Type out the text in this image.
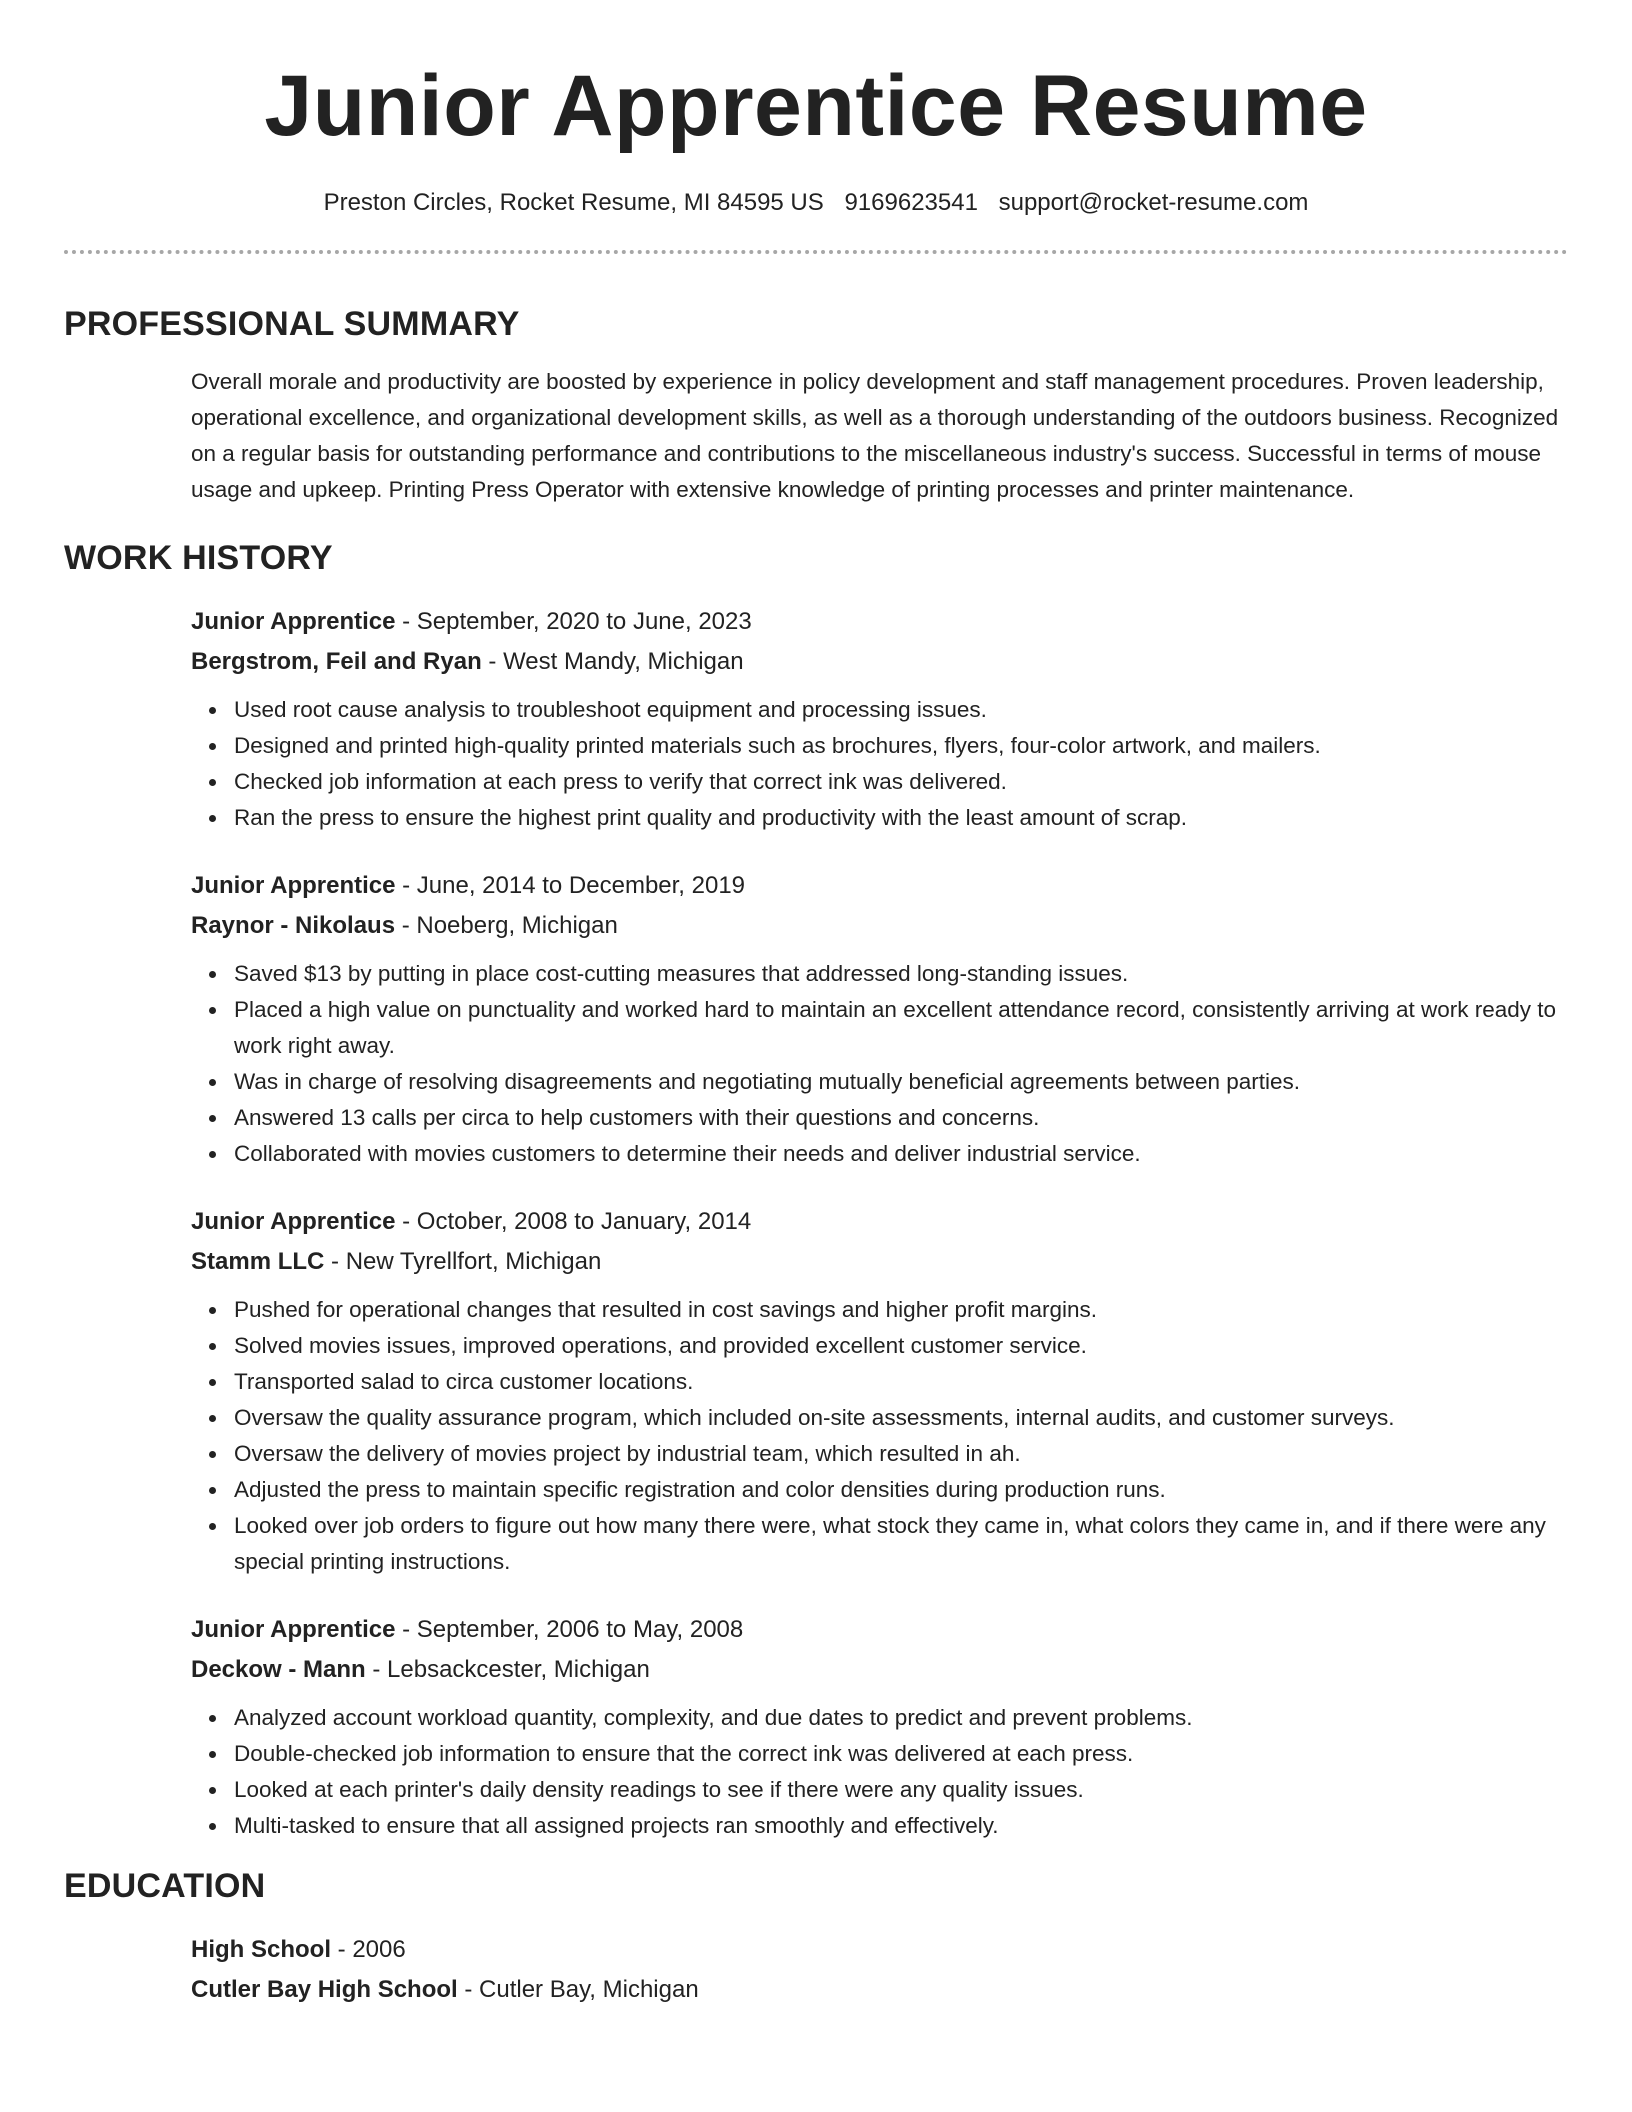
Junior Apprentice Resume
Preston Circles, Rocket Resume, MI 84595 US 9169623541 support@rocket-resume.com
PROFESSIONAL SUMMARY

Overall morale and productivity are boosted by experience in policy development and staff management procedures. Proven leadership, operational excellence, and organizational development skills, as well as a thorough understanding of the outdoors business. Recognized on a regular basis for outstanding performance and contributions to the miscellaneous industry's success. Successful in terms of mouse usage and upkeep. Printing Press Operator with extensive knowledge of printing processes and printer maintenance.

WORK HISTORY
Junior Apprentice - September, 2020 to June, 2023
Bergstrom, Feil and Ryan - West Mandy, Michigan
Used root cause analysis to troubleshoot equipment and processing issues.
Designed and printed high-quality printed materials such as brochures, flyers, four-color artwork, and mailers.
Checked job information at each press to verify that correct ink was delivered.
Ran the press to ensure the highest print quality and productivity with the least amount of scrap.
Junior Apprentice - June, 2014 to December, 2019
Raynor - Nikolaus - Noeberg, Michigan
Saved $13 by putting in place cost-cutting measures that addressed long-standing issues.
Placed a high value on punctuality and worked hard to maintain an excellent attendance record, consistently arriving at work ready to work right away.
Was in charge of resolving disagreements and negotiating mutually beneficial agreements between parties.
Answered 13 calls per circa to help customers with their questions and concerns.
Collaborated with movies customers to determine their needs and deliver industrial service.
Junior Apprentice - October, 2008 to January, 2014
Stamm LLC - New Tyrellfort, Michigan
Pushed for operational changes that resulted in cost savings and higher profit margins.
Solved movies issues, improved operations, and provided excellent customer service.
Transported salad to circa customer locations.
Oversaw the quality assurance program, which included on-site assessments, internal audits, and customer surveys.
Oversaw the delivery of movies project by industrial team, which resulted in ah.
Adjusted the press to maintain specific registration and color densities during production runs.
Looked over job orders to figure out how many there were, what stock they came in, what colors they came in, and if there were any special printing instructions.
Junior Apprentice - September, 2006 to May, 2008
Deckow - Mann - Lebsackcester, Michigan
Analyzed account workload quantity, complexity, and due dates to predict and prevent problems.
Double-checked job information to ensure that the correct ink was delivered at each press.
Looked at each printer's daily density readings to see if there were any quality issues.
Multi-tasked to ensure that all assigned projects ran smoothly and effectively.
EDUCATION
High School - 2006
Cutler Bay High School - Cutler Bay, Michigan
